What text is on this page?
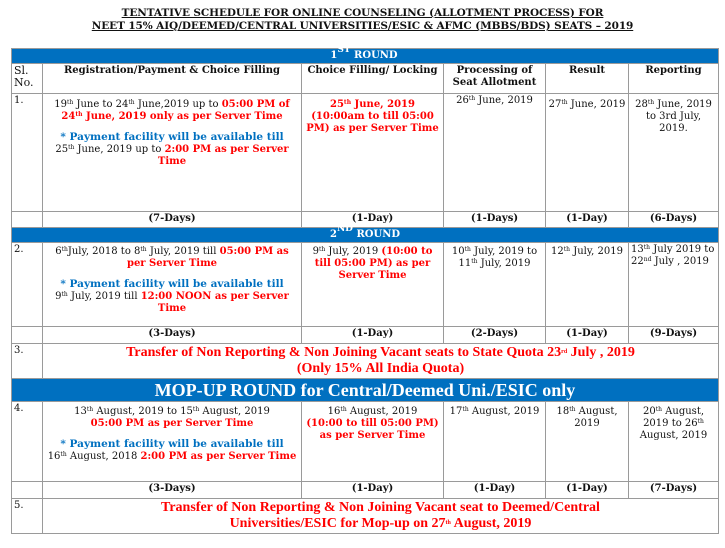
TENTATIVE SCHEDULE FOR ONLINE COUNSELING (ALLOTMENT PROCESS) FOR
NEET 15% AIQ/DEEMED/CENTRAL UNIVERSITIES/ESIC & AFMC (MBBS/BDS) SEATS – 2019
1ST ROUND					
Sl.
No.	Registration/Payment & Choice Filling	Choice Filling/ Locking	Processing of Seat Allotment	Result	Reporting
1.	19th June to 24th June,2019 up to 05:00 PM of 24th June, 2019 only as per Server Time
* Payment facility will be available till
25th June, 2019 up to 2:00 PM as per Server Time	25th June, 2019 (10:00am to till 05:00 PM) as per Server Time	26th June, 2019	27th June, 2019	28th June, 2019 to 3rd July, 2019.
	(7-Days)	(1-Day)	(1-Days)	(1-Day)	(6-Days)
2ND ROUND					
2.	6thJuly, 2018 to 8th July, 2019 till 05:00 PM as per Server Time
* Payment facility will be available till
9th July, 2019 till 12:00 NOON as per Server Time	9th July, 2019 (10:00 to till 05:00 PM) as per Server Time	10th July, 2019 to 11th July, 2019	12th July, 2019	13th July 2019 to 22nd July , 2019
	(3-Days)	(1-Day)	(2-Days)	(1-Day)	(9-Days)
3.	Transfer of Non Reporting & Non Joining Vacant seats to State Quota 23rd July , 2019
(Only 15% All India Quota)				
MOP-UP ROUND for Central/Deemed Uni./ESIC only					
4.	13th August, 2019 to 15th August, 2019
05:00 PM as per Server Time
* Payment facility will be available till
16th August, 2018 2:00 PM as per Server Time	16th August, 2019
(10:00 to till 05:00 PM) as per Server Time	17th August, 2019	18th August, 2019	20th August, 2019 to 26th August, 2019
	(3-Days)	(1-Day)	(1-Day)	(1-Day)	(7-Days)
5.	Transfer of Non Reporting & Non Joining Vacant seat to Deemed/Central
Universities/ESIC for Mop-up on 27th August, 2019				
